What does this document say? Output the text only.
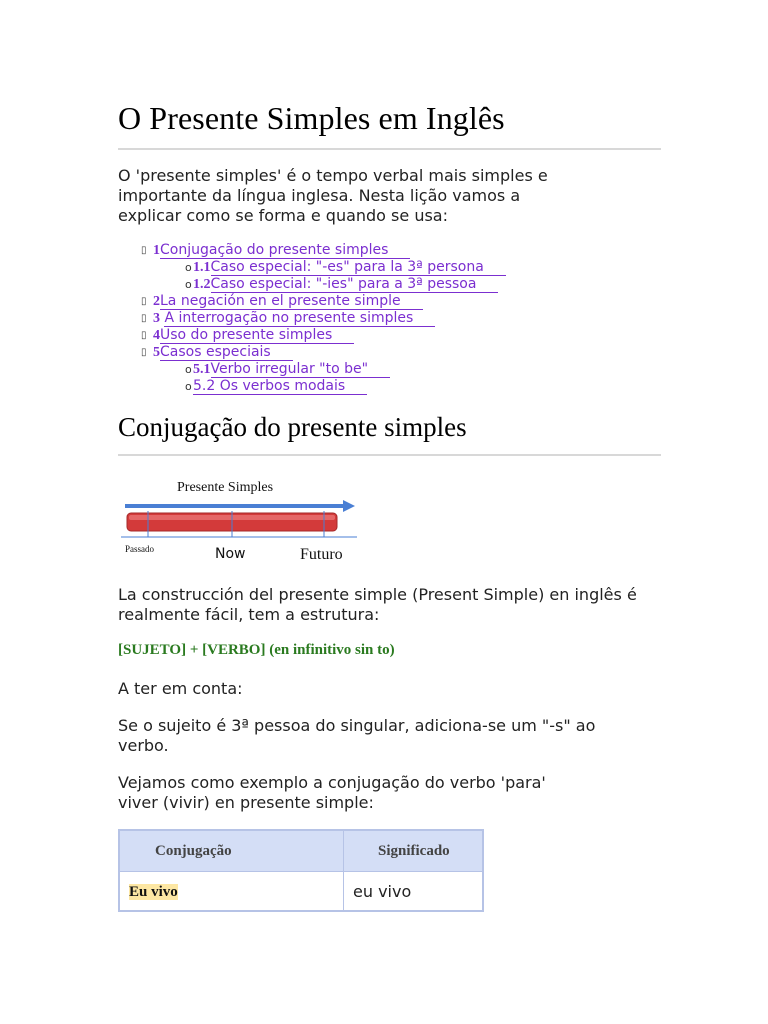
O Presente Simples em Inglês

O 'presente simples' é o tempo verbal mais simples e importante da língua inglesa. Nesta lição vamos a explicar como se forma e quando se usa:

▯ 1Conjugação do presente simples
o1.1Caso especial: "-es" para la 3ª persona
o1.2Caso especial: "-ies" para a 3ª pessoa
▯ 2La negación en el presente simple
▯ 3 A interrogação no presente simples
▯ 4Uso do presente simples
▯ 5Casos especiais
o5.1Verbo irregular "to be"
o5.2 Os verbos modais
Conjugação do presente simples
Presente Simples
Passado	Now	Futuro

La construcción del presente simple (Present Simple) en inglês é realmente fácil, tem a estrutura:

[SUJETO] + [VERBO] (en infinitivo sin to)

A ter em conta:

Se o sujeito é 3ª pessoa do singular, adiciona-se um "-s" ao verbo.

Vejamos como exemplo a conjugação do verbo 'para' viver (vivir) en presente simple:

Conjugação	Significado
Eu vivo	eu vivo
